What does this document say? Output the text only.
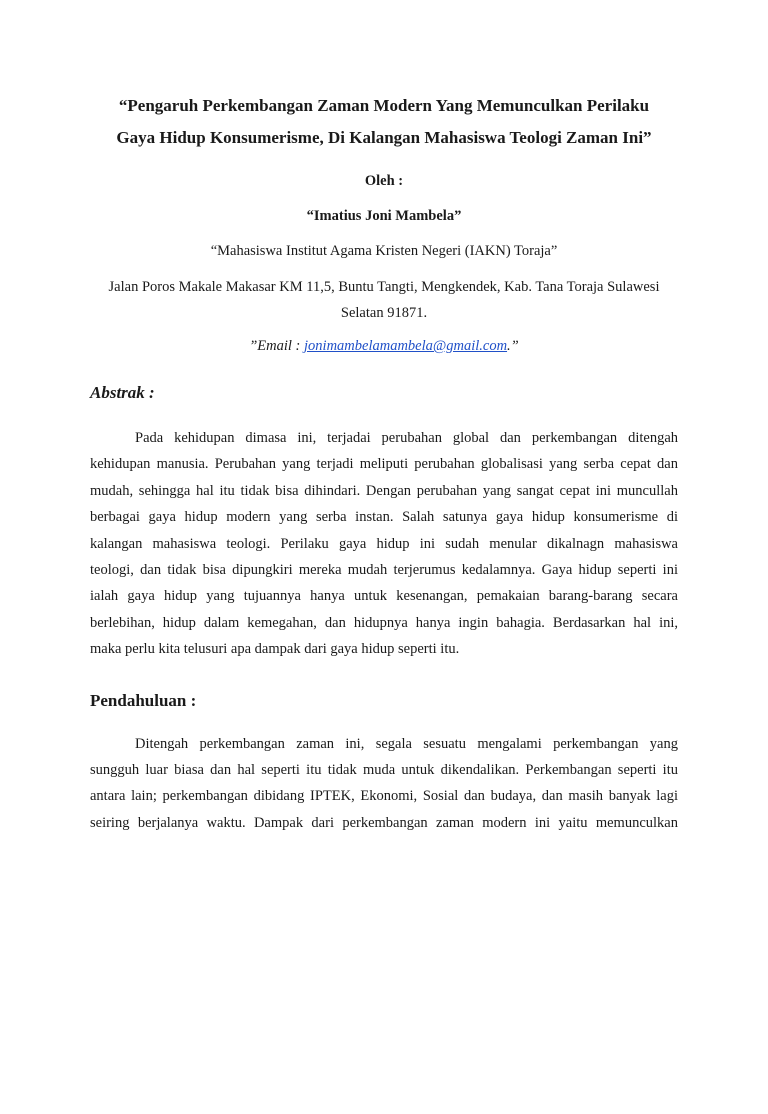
“Pengaruh Perkembangan Zaman Modern Yang Memunculkan Perilaku
Gaya Hidup Konsumerisme, Di Kalangan Mahasiswa Teologi Zaman Ini”

Oleh :

“Imatius Joni Mambela”

“Mahasiswa Institut Agama Kristen Negeri (IAKN) Toraja”

Jalan Poros Makale Makasar KM 11,5, Buntu Tangti, Mengkendek, Kab. Tana Toraja Sulawesi
Selatan 91871.

”Email : jonimambelamambela@gmail.com.”

Abstrak :
Pada kehidupan dimasa ini, terjadai perubahan global dan perkembangan ditengah
kehidupan manusia. Perubahan yang terjadi meliputi perubahan globalisasi yang serba cepat dan
mudah, sehingga hal itu tidak bisa dihindari. Dengan perubahan yang sangat cepat ini muncullah
berbagai gaya hidup modern yang serba instan. Salah satunya gaya hidup konsumerisme di
kalangan mahasiswa teologi. Perilaku gaya hidup ini sudah menular dikalnagn mahasiswa
teologi, dan tidak bisa dipungkiri mereka mudah terjerumus kedalamnya. Gaya hidup seperti ini
ialah gaya hidup yang tujuannya hanya untuk kesenangan, pemakaian barang-barang secara
berlebihan, hidup dalam kemegahan, dan hidupnya hanya ingin bahagia. Berdasarkan hal ini,
maka perlu kita telusuri apa dampak dari gaya hidup seperti itu.
Pendahuluan :
Ditengah perkembangan zaman ini, segala sesuatu mengalami perkembangan yang
sungguh luar biasa dan hal seperti itu tidak muda untuk dikendalikan. Perkembangan seperti itu
antara lain; perkembangan dibidang IPTEK, Ekonomi, Sosial dan budaya, dan masih banyak lagi
seiring berjalanya waktu. Dampak dari perkembangan zaman modern ini yaitu memunculkan
